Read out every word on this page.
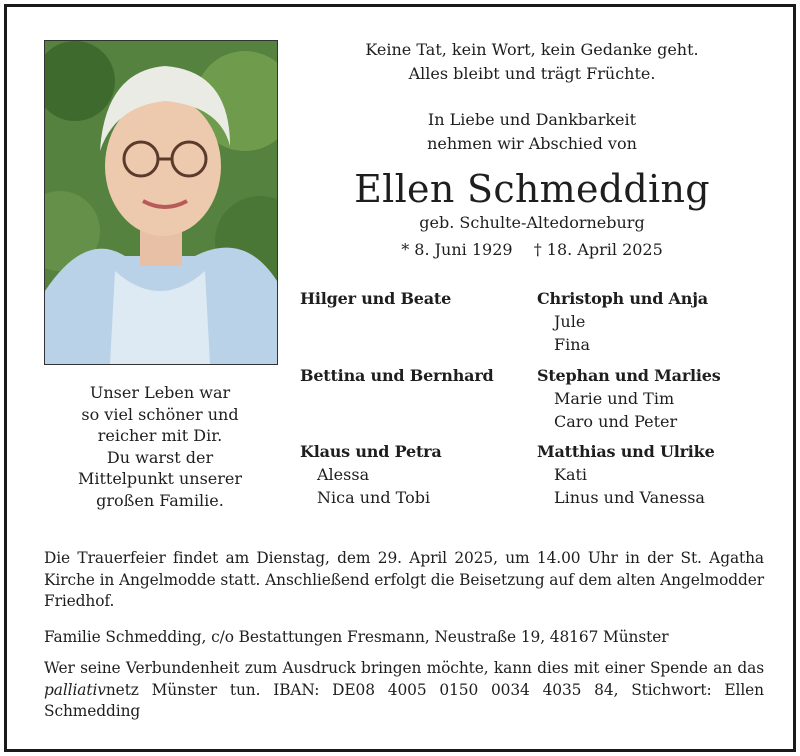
Keine Tat, kein Wort, kein Gedanke geht.
Alles bleibt und trägt Früchte.
In Liebe und Dankbarkeit
nehmen wir Abschied von
Ellen Schmedding
geb. Schulte-Altedorneburg
* 8. Juni 1929 † 18. April 2025
Unser Leben war
so viel schöner und
reicher mit Dir.
Du warst der
Mittelpunkt unserer
großen Familie.
Hilger und Beate	Christoph und Anja
Jule
Fina
Bettina und Bernhard	Stephan und Marlies
Marie und Tim
Caro und Peter
Klaus und Petra
Alessa
Nica und Tobi
Matthias und Ulrike
Kati
Linus und Vanessa
Die Trauerfeier findet am Dienstag, dem 29. April 2025, um 14.00 Uhr in der St. Agatha Kirche in Angelmodde statt. Anschließend erfolgt die Beisetzung auf dem alten Angelmodder Friedhof.
Familie Schmedding, c/o Bestattungen Fresmann, Neustraße 19, 48167 Münster
Wer seine Verbundenheit zum Ausdruck bringen möchte, kann dies mit einer Spende an das palliativnetz Münster tun. IBAN: DE08 4005 0150 0034 4035 84, Stichwort: Ellen Schmedding
